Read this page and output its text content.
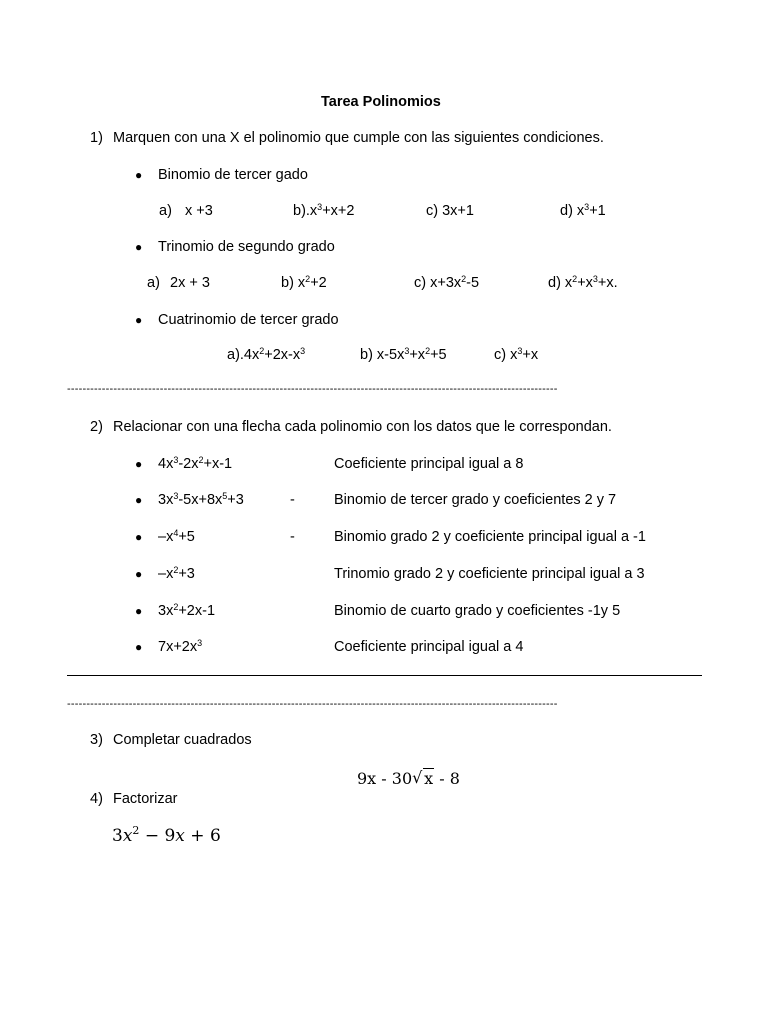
Tarea Polinomios
1) Marquen con una X el polinomio que cumple con las siguientes condiciones.
● Binomio de tercer gado
a) x +3	$b).x^3+x+2$	c) 3x+1	d) $x^3+1$
● Trinomio de segundo grado
a) 2x + 3	b) $x^2+2$	c) $x+3x^2-5$	d) $x^2+x^3+x$.
● Cuatrinomio de tercer grado
$a).4x^2+2x-x^3$	b) $x-5x^3+x^2+5$	c) $x^3+x$
-------------------------------------------------------------------------------------------------------------------------------
2) Relacionar con una flecha cada polinomio con los datos que le correspondan.
● $4x^3-2x^2+x-1$	Coeficiente principal igual a 8
● $3x^3-5x+8x^5+3$	-	Binomio de tercer grado y coeficientes 2 y 7
● $-x^4+5$	-	Binomio grado 2 y coeficiente principal igual a -1
● $-x^2+3$	Trinomio grado 2 y coeficiente principal igual a 3
● $3x^2+2x-1$	Binomio de cuarto grado y coeficientes -1y 5
● $7x+2x^3$	Coeficiente principal igual a 4
-------------------------------------------------------------------------------------------------------------------------------
3) Completar cuadrados
9x - 30√ x - 8
4) Factorizar
$3x^2 - 9x + 6$
